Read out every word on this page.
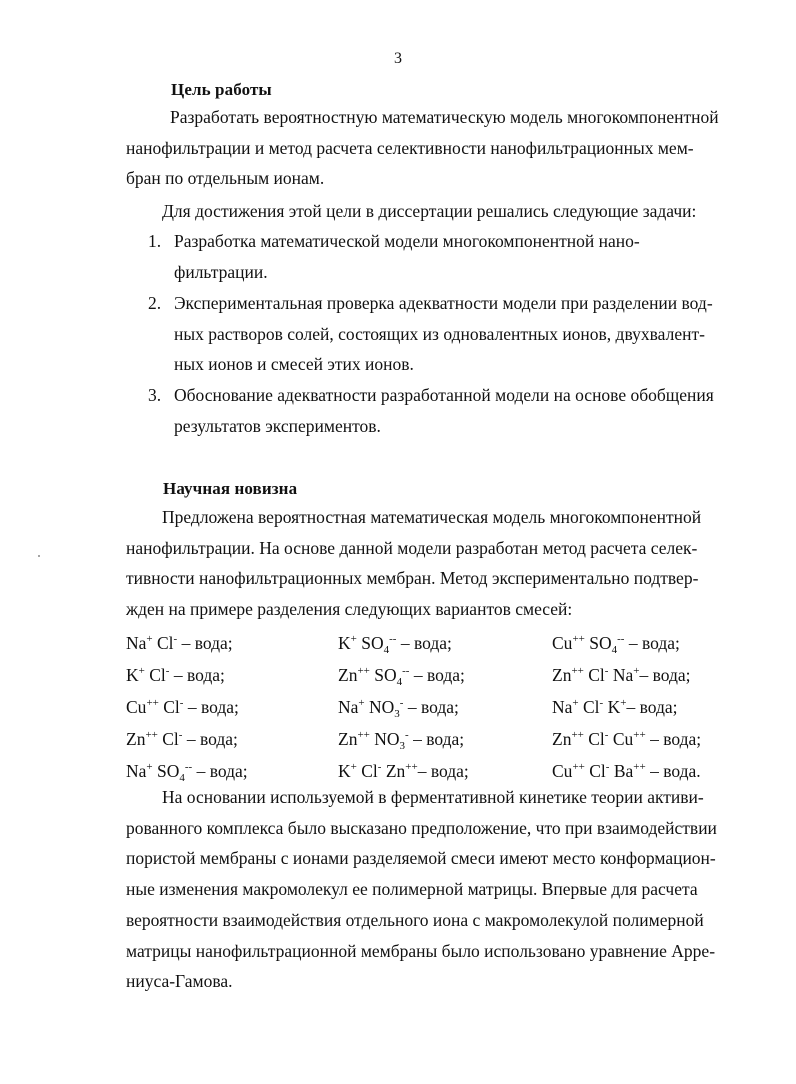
3
Цель работы

Разработать вероятностную математическую модель многокомпонентной
нанофильтрации и метод расчета селективности нанофильтрационных мем-
бран по отдельным ионам.

Для достижения этой цели в диссертации решались следующие задачи:

1. Разработка математической модели многокомпонентной нано-
фильтрации.
2. Экспериментальная проверка адекватности модели при разделении вод-
ных растворов солей, состоящих из одновалентных ионов, двухвалент-
ных ионов и смесей этих ионов.
3. Обоснование адекватности разработанной модели на основе обобщения
результатов экспериментов.
Научная новизна

Предложена вероятностная математическая модель многокомпонентной
нанофильтрации. На основе данной модели разработан метод расчета селек-
тивности нанофильтрационных мембран. Метод экспериментально подтвер-
жден на примере разделения следующих вариантов смесей:

Na+ Cl- – вода;	K+ $SO_4^{--}$ – вода;	Cu++ $SO_4^{--}$ – вода;
K+ Cl- – вода;	Zn++ $SO_4^{--}$ – вода;	Zn++ Cl- Na+– вода;
Cu++ Cl- – вода;	Na+ $NO_3^-$ – вода;	Na+ Cl- K+– вода;
Zn++ Cl- – вода;	Zn++ $NO_3^-$ – вода;	Zn++ Cl- Cu++ – вода;
Na+ $SO_4^{--}$ – вода;	K+ Cl- Zn++– вода;	Cu++ Cl- Ba++ – вода.

На основании используемой в ферментативной кинетике теории активи-
рованного комплекса было высказано предположение, что при взаимодействии
пористой мембраны с ионами разделяемой смеси имеют место конформацион-
ные изменения макромолекул ее полимерной матрицы. Впервые для расчета
вероятности взаимодействия отдельного иона с макромолекулой полимерной
матрицы нанофильтрационной мембраны было использовано уравнение Арре-
ниуса-Гамова.
